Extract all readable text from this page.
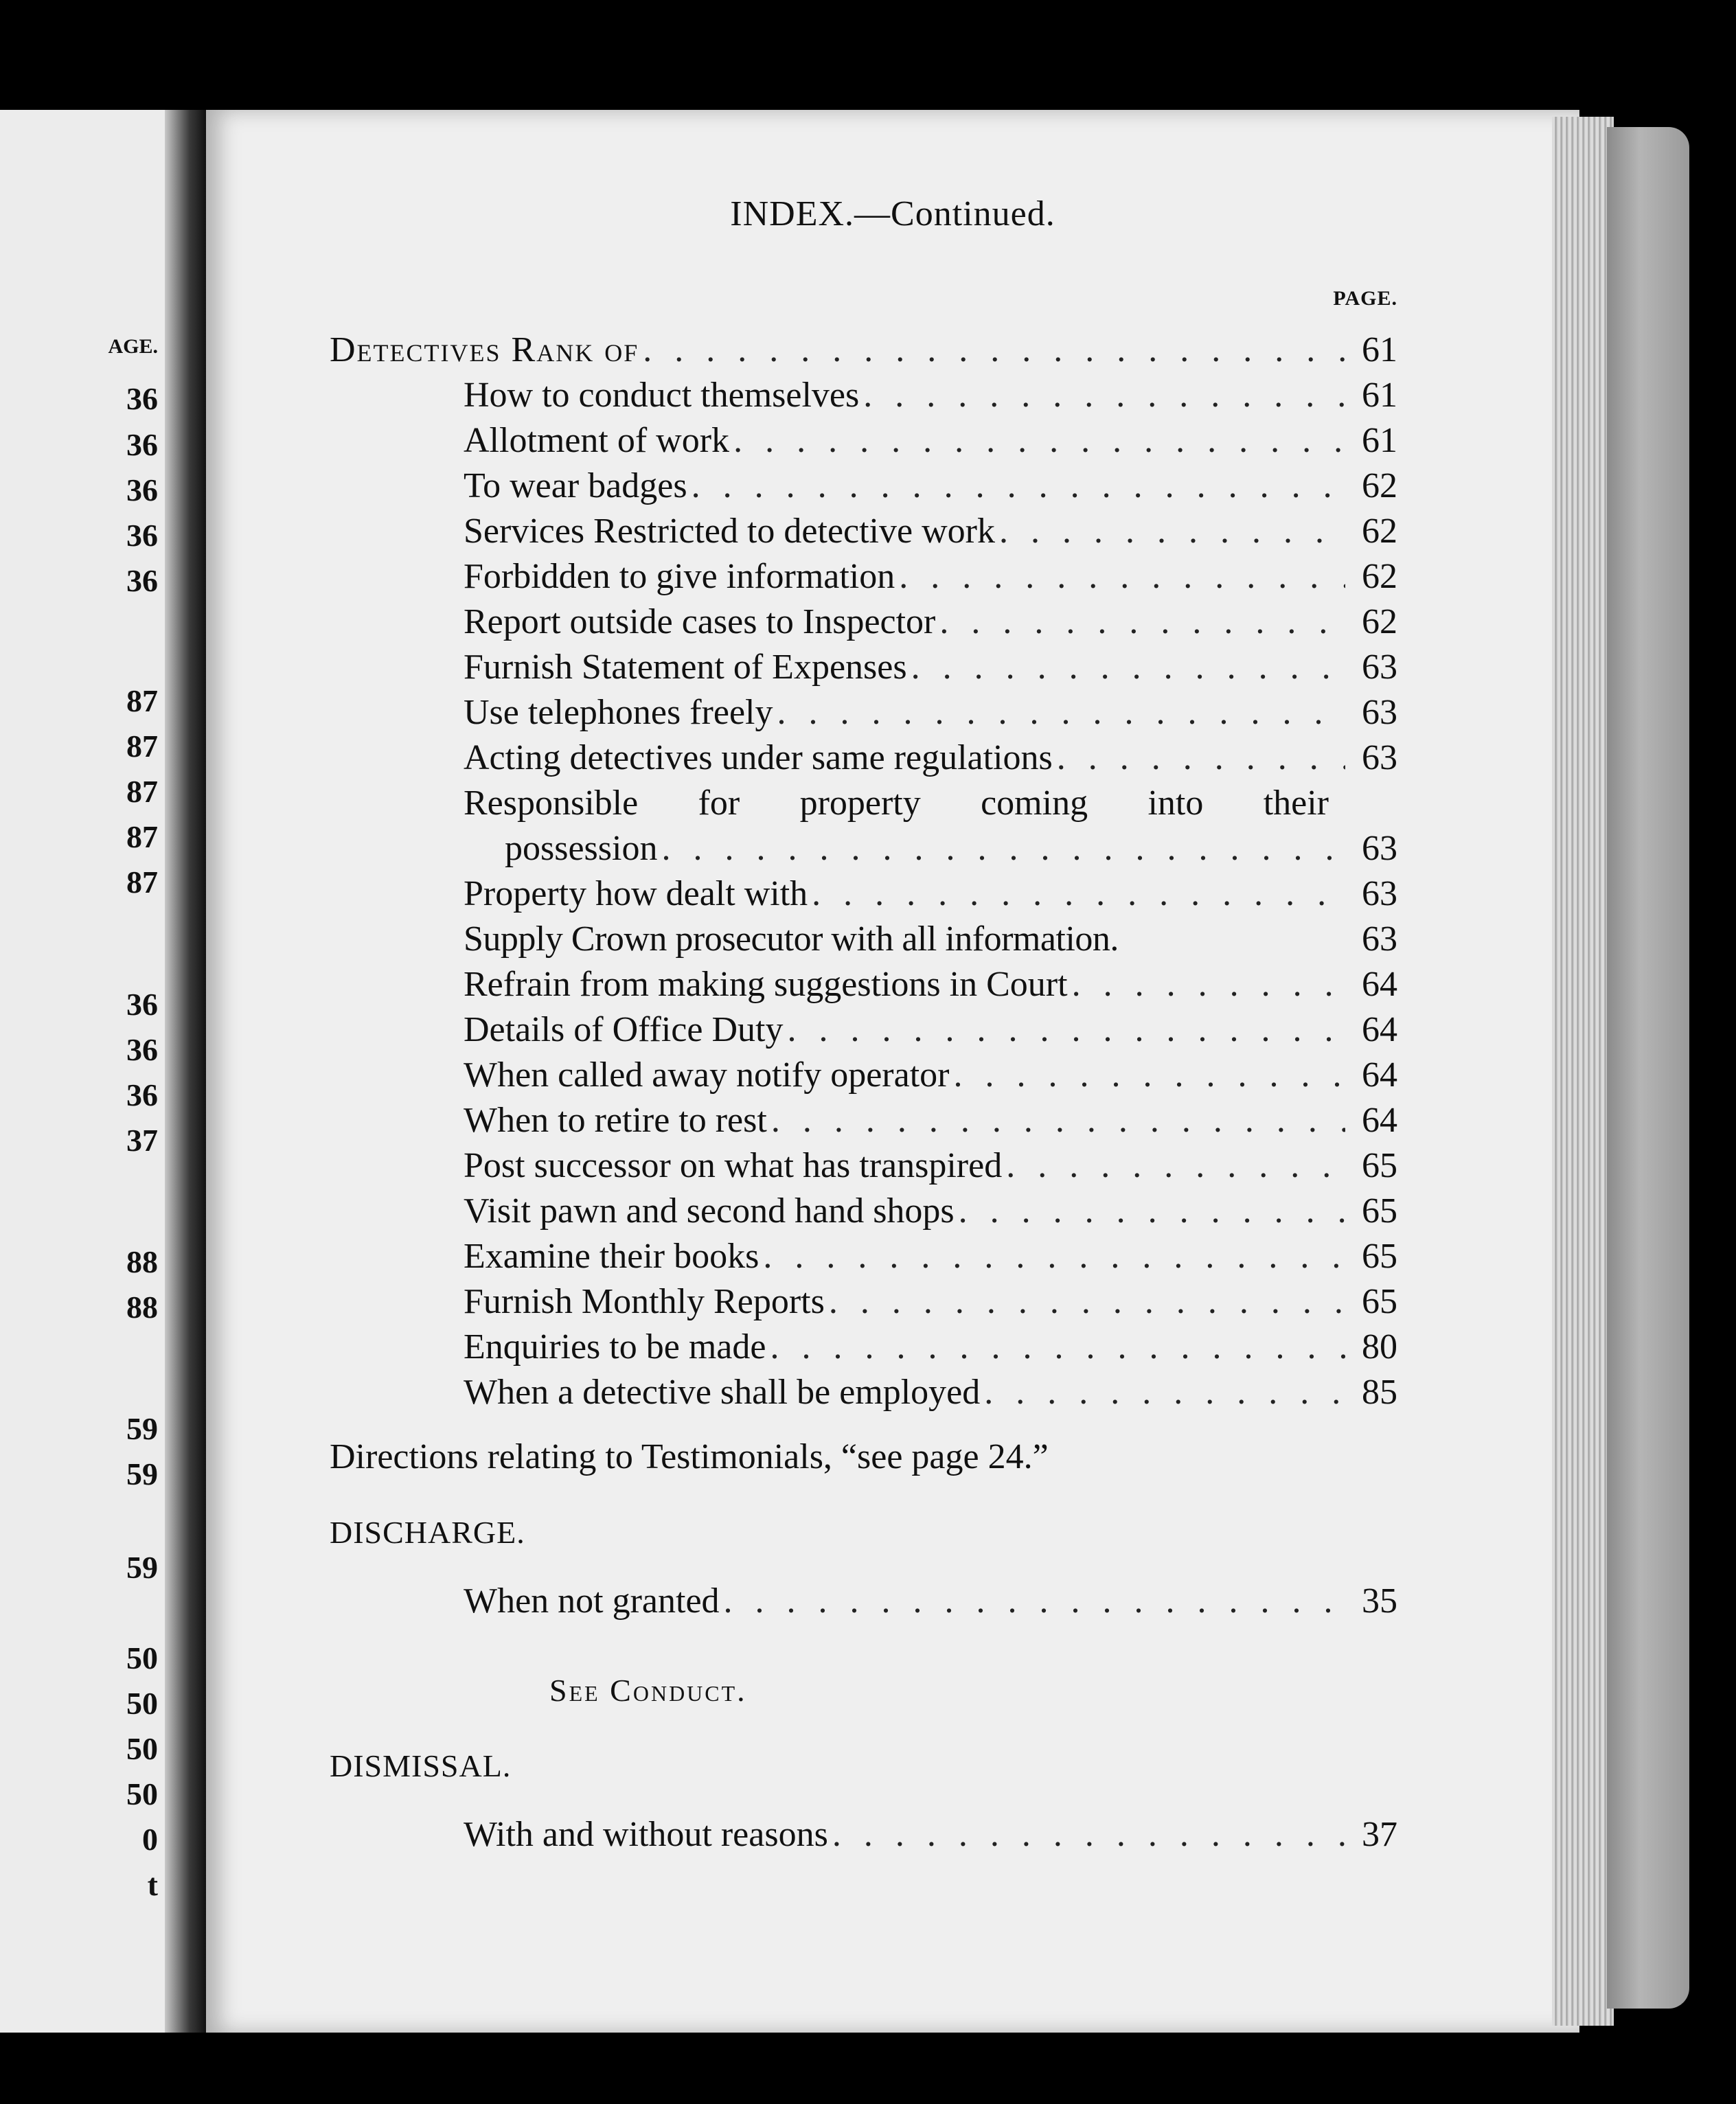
AGE.
36
36
36
36
36
87
87
87
87
87
36
36
36
37
88
88
59
59
59
50
50
50
50
0
t
INDEX.—Continued.
PAGE.
Detectives Rank of . . .	61
How to conduct themselves . . .	61
Allotment of work . . .	61
To wear badges . . .	62
Services Restricted to detective work . . .	62
Forbidden to give information . . .	62
Report outside cases to Inspector . . .	62
Furnish Statement of Expenses . . .	63
Use telephones freely . . .	63
Acting detectives under same regulations . . .	63
Responsible for property coming into their
possession . . .	63
Property how dealt with . . .	63
Supply Crown prosecutor with all information.	63
Refrain from making suggestions in Court . . .	64
Details of Office Duty . . .	64
When called away notify operator . . .	64
When to retire to rest . . .	64
Post successor on what has transpired . . .	65
Visit pawn and second hand shops . . .	65
Examine their books . . .	65
Furnish Monthly Reports . . .	65
Enquiries to be made . . .	80
When a detective shall be employed . . .	85
Directions relating to Testimonials, “see page 24.”
DISCHARGE.
When not granted . . .	35
See Conduct.
DISMISSAL.
With and without reasons . . .	37
